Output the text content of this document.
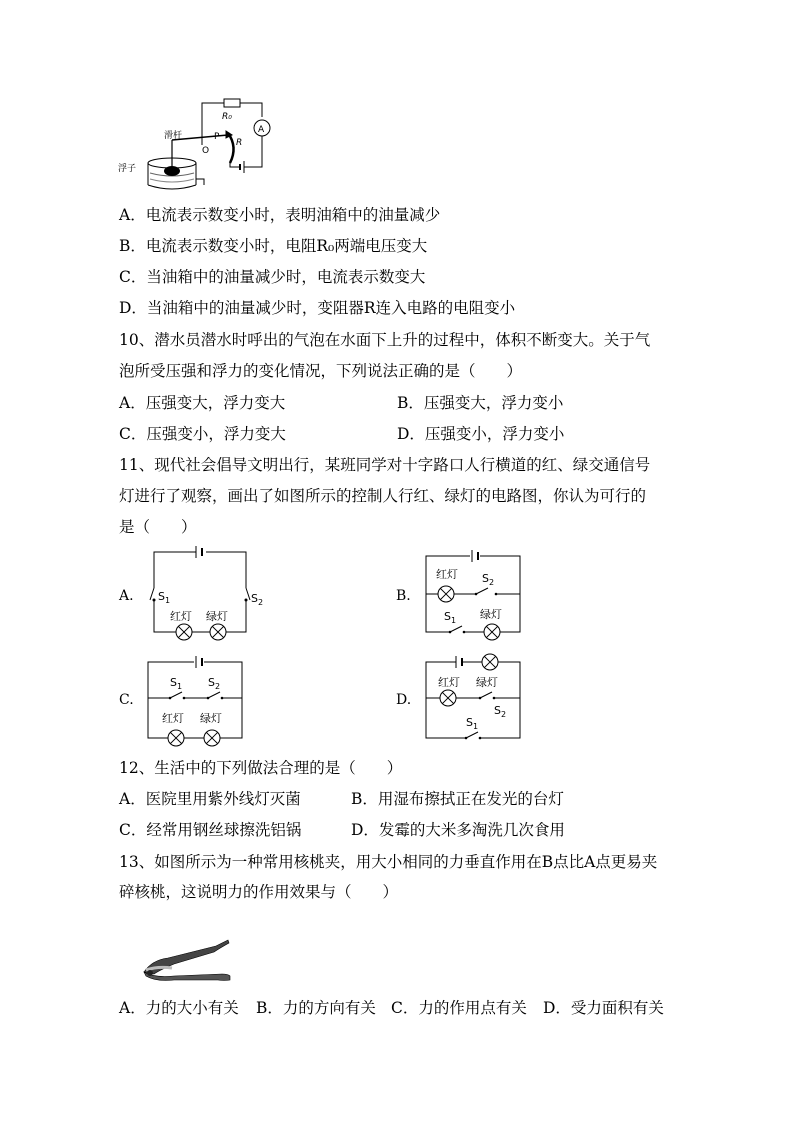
R₀
A
滑杆	P
O
R
浮子
A．电流表示数变小时，表明油箱中的油量减少
B．电流表示数变小时，电阻R₀两端电压变大
C．当油箱中的油量减少时，电流表示数变大
D．当油箱中的油量减少时，变阻器R连入电路的电阻变小
10、潜水员潜水时呼出的气泡在水面下上升的过程中，体积不断变大。关于气
泡所受压强和浮力的变化情况，下列说法正确的是（　　）
A．压强变大，浮力变大	B．压强变大，浮力变小
C．压强变小，浮力变大	D．压强变小，浮力变小
11、现代社会倡导文明出行，某班同学对十字路口人行横道的红、绿交通信号
灯进行了观察，画出了如图所示的控制人行红、绿灯的电路图，你认为可行的
是（　　）
A.	B.
C.	D.
$S_1$	$S_2$
红灯 绿灯
红灯 $S_2$
$S_1$ 绿灯
$S_1$ $S_2$
红灯 绿灯
红灯 绿灯
$S_2$
$S_1$
12、生活中的下列做法合理的是（　　）
A．医院里用紫外线灯灭菌	B．用湿布擦拭正在发光的台灯
C．经常用钢丝球擦洗铝锅	D．发霉的大米多淘洗几次食用
13、如图所示为一种常用核桃夹，用大小相同的力垂直作用在B点比A点更易夹
碎核桃，这说明力的作用效果与（　　）
A．力的大小有关 B．力的方向有关 C．力的作用点有关 D．受力面积有关
